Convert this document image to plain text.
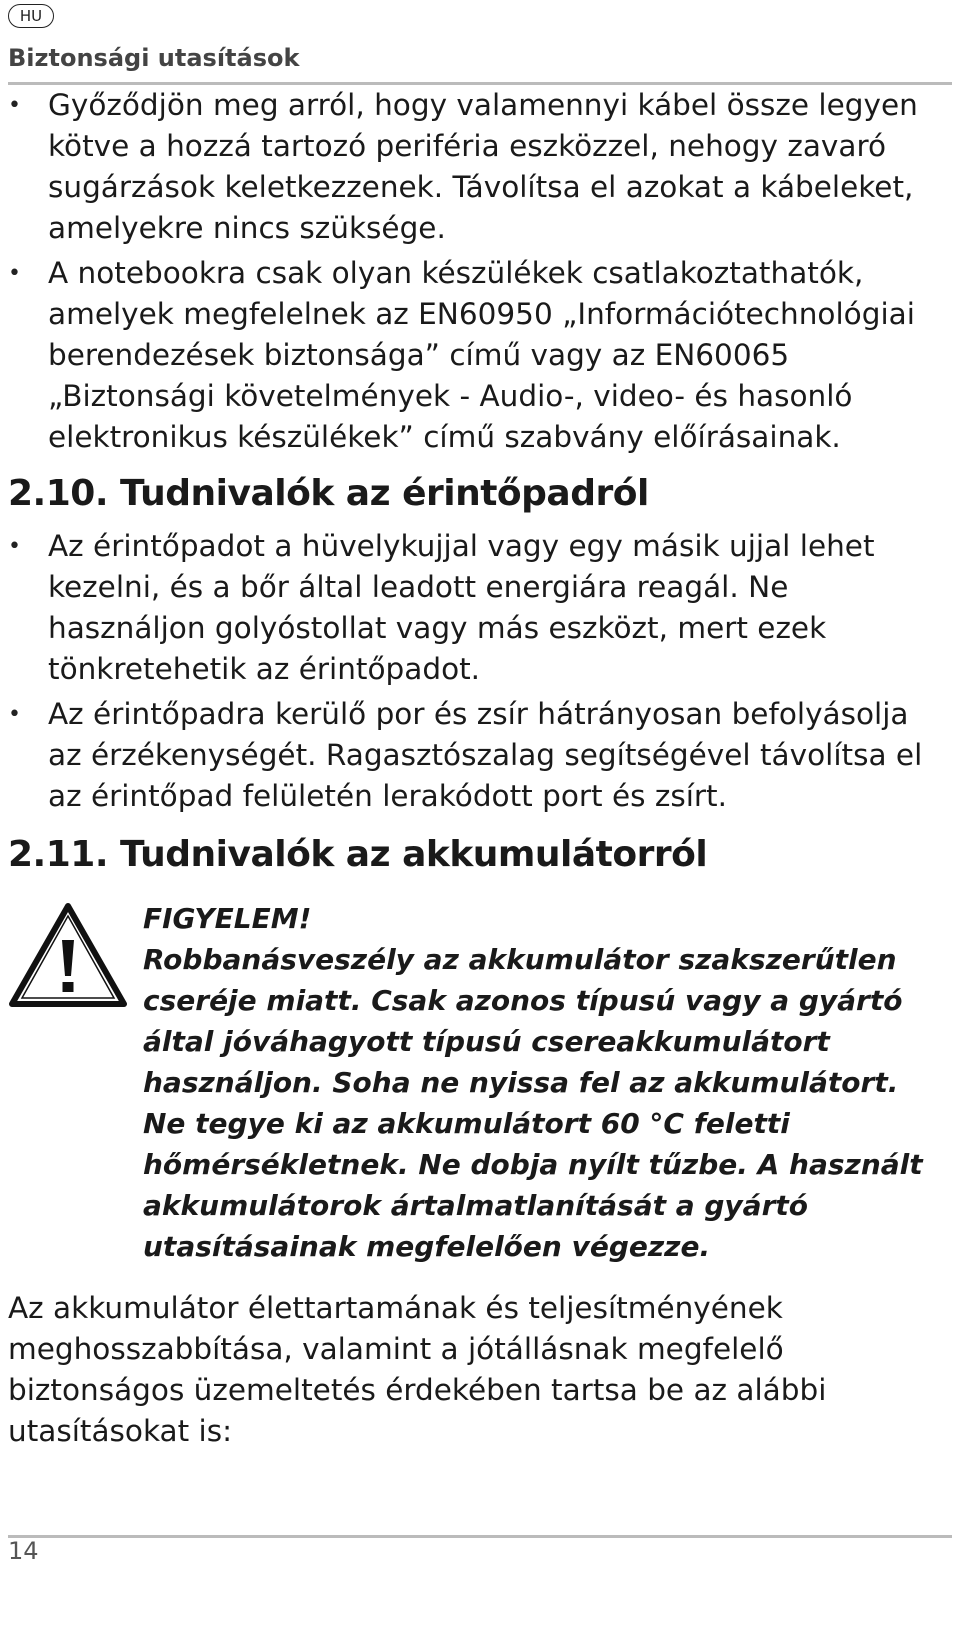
HU
Biztonsági utasítások
• Győződjön meg arról, hogy valamennyi kábel össze legyen kötve a hozzá tartozó periféria eszközzel, nehogy zavaró sugárzások keletkezzenek. Távolítsa el azokat a kábeleket, amelyekre nincs szüksége.
• A notebookra csak olyan készülékek csatlakoztathatók, amelyek megfelelnek az EN60950 „Információtechnológiai berendezések biztonsága” című vagy az EN60065 „Biztonsági követelmények - Audio-, video- és hasonló elektronikus készülékek” című szabvány előírásainak.
2.10. Tudnivalók az érintőpadról
• Az érintőpadot a hüvelykujjal vagy egy másik ujjal lehet kezelni, és a bőr által leadott energiára reagál. Ne használjon golyóstollat vagy más eszközt, mert ezek tönkretehetik az érintőpadot.
• Az érintőpadra kerülő por és zsír hátrányosan befolyásolja az érzékenységét. Ragasztószalag segítségével távolítsa el az érintőpad felületén lerakódott port és zsírt.
2.11. Tudnivalók az akkumulátorról

FIGYELEM!

Robbanásveszély az akkumulátor szakszerűtlen cseréje miatt. Csak azonos típusú vagy a gyártó által jóváhagyott típusú csereakkumulátort használjon. Soha ne nyissa fel az akkumulátort. Ne tegye ki az akkumulátort 60 °C feletti hőmérsékletnek. Ne dobja nyílt tűzbe. A használt akkumulátorok ártalmatlanítását a gyártó utasításainak megfelelően végezze.

Az akkumulátor élettartamának és teljesítményének meghosszabbítása, valamint a jótállásnak megfelelő biztonságos üzemeltetés érdekében tartsa be az alábbi utasításokat is:

14
